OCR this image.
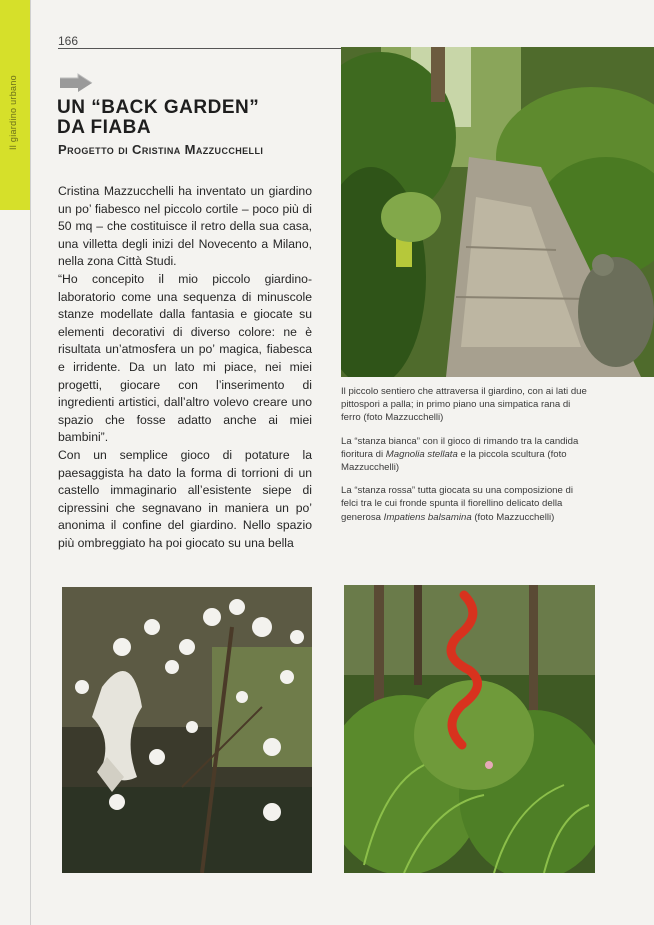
Il giardino urbano
166
UN “BACK GARDEN”
DA FIABA
Progetto di Cristina Mazzucchelli

Cristina Mazzucchelli ha inventato un giardino un po’ fiabesco nel piccolo cortile – poco più di 50 mq – che costituisce il retro della sua casa, una villetta degli inizi del Novecento a Milano, nella zona Città Studi.

“Ho concepito il mio piccolo giardino-laboratorio come una sequenza di minuscole stanze modellate dalla fantasia e giocate su elementi decorativi di diverso colore: ne è risultata un’atmosfera un po’ magica, fiabesca e irridente. Da un lato mi piace, nei miei progetti, giocare con l’inserimento di ingredienti artistici, dall’altro volevo creare uno spazio che fosse adatto anche ai miei bambini”.

Con un semplice gioco di potature la paesaggista ha dato la forma di torrioni di un castello immaginario all’esistente siepe di cipressini che segnavano in maniera un po’ anonima il confine del giardino. Nello spazio più ombreggiato ha poi giocato su una bella

Il piccolo sentiero che attraversa il giardino, con ai lati due pittospori a palla; in primo piano una simpatica rana di ferro (foto Mazzucchelli)

La “stanza bianca” con il gioco di rimando tra la candida fioritura di Magnolia stellata e la piccola scultura (foto Mazzucchelli)

La “stanza rossa” tutta giocata su una composizione di felci tra le cui fronde spunta il fiorellino delicato della generosa Impatiens balsamina (foto Mazzucchelli)
